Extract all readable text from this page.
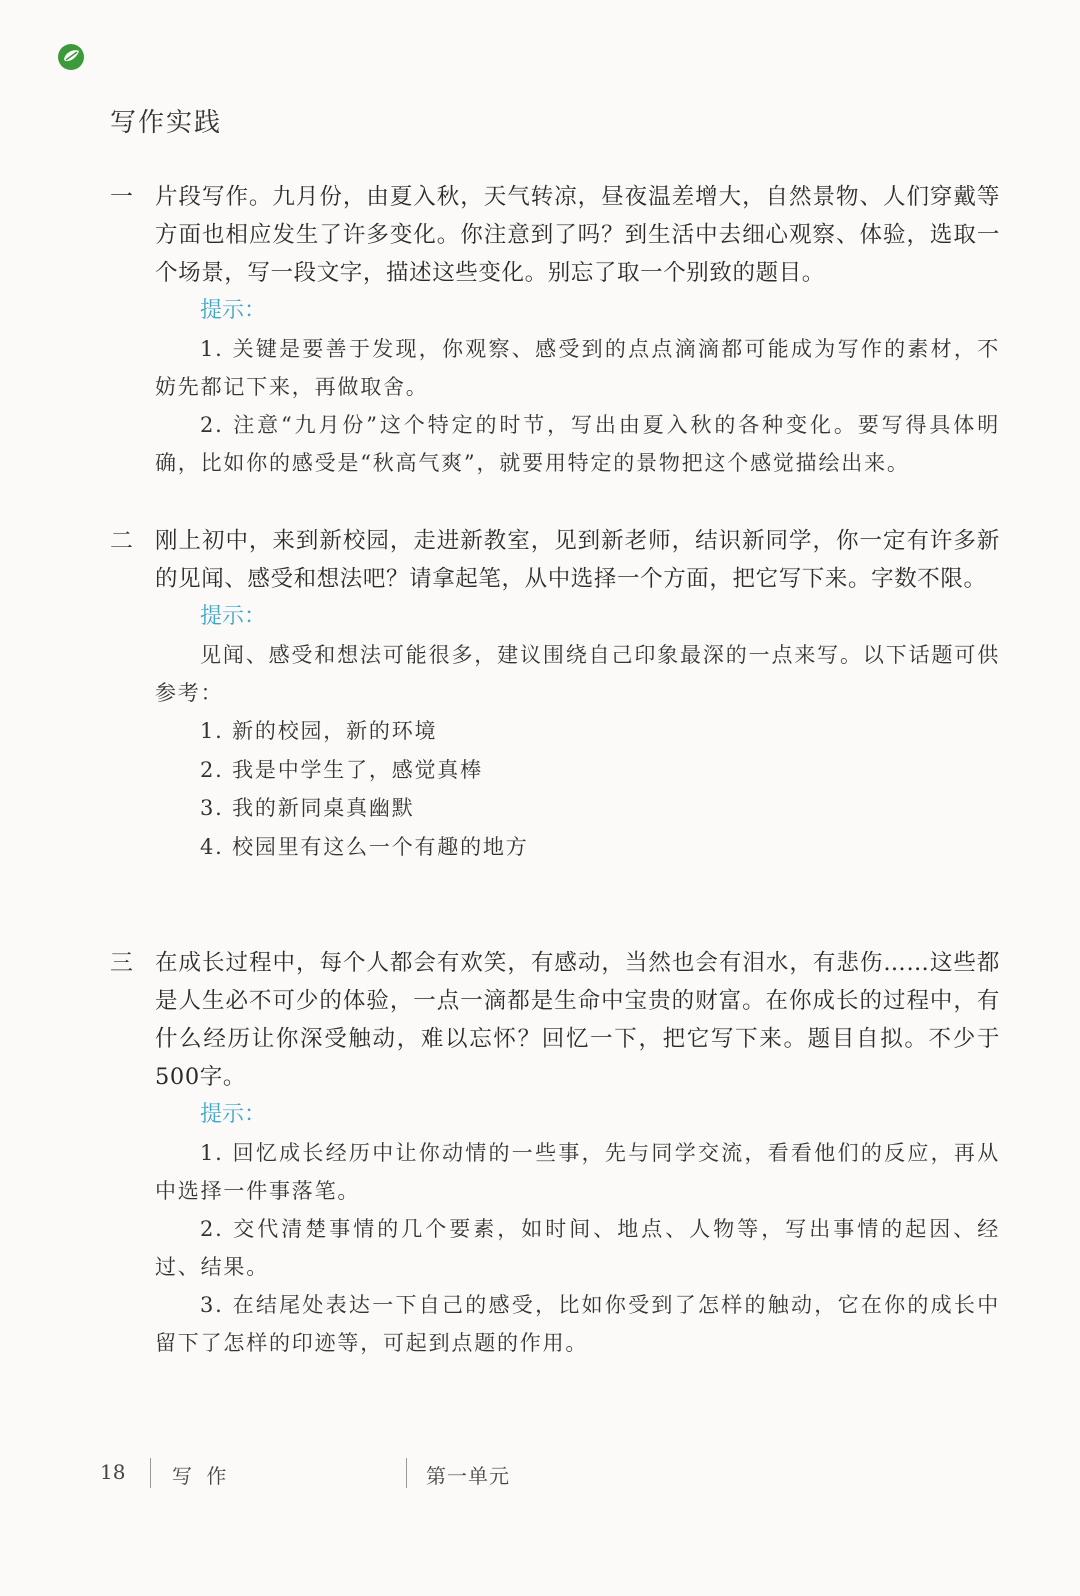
写作实践
一 片段写作。九月份，由夏入秋，天气转凉，昼夜温差增大，自然景物、人们穿戴等方面也相应发生了许多变化。你注意到了吗？到生活中去细心观察、体验，选取一个场景，写一段文字，描述这些变化。别忘了取一个别致的题目。
提示：
1. 关键是要善于发现，你观察、感受到的点点滴滴都可能成为写作的素材，不妨先都记下来，再做取舍。
2. 注意“九月份”这个特定的时节，写出由夏入秋的各种变化。要写得具体明确，比如你的感受是“秋高气爽”，就要用特定的景物把这个感觉描绘出来。
二 刚上初中，来到新校园，走进新教室，见到新老师，结识新同学，你一定有许多新的见闻、感受和想法吧？请拿起笔，从中选择一个方面，把它写下来。字数不限。
提示：
见闻、感受和想法可能很多，建议围绕自己印象最深的一点来写。以下话题可供参考：
1. 新的校园，新的环境
2. 我是中学生了，感觉真棒
3. 我的新同桌真幽默
4. 校园里有这么一个有趣的地方
三 在成长过程中，每个人都会有欢笑，有感动，当然也会有泪水，有悲伤……这些都是人生必不可少的体验，一点一滴都是生命中宝贵的财富。在你成长的过程中，有什么经历让你深受触动，难以忘怀？回忆一下，把它写下来。题目自拟。不少于500字。
提示：
1. 回忆成长经历中让你动情的一些事，先与同学交流，看看他们的反应，再从中选择一件事落笔。
2. 交代清楚事情的几个要素，如时间、地点、人物等，写出事情的起因、经过、结果。
3. 在结尾处表达一下自己的感受，比如你受到了怎样的触动，它在你的成长中留下了怎样的印迹等，可起到点题的作用。
18 写 作	第一单元
